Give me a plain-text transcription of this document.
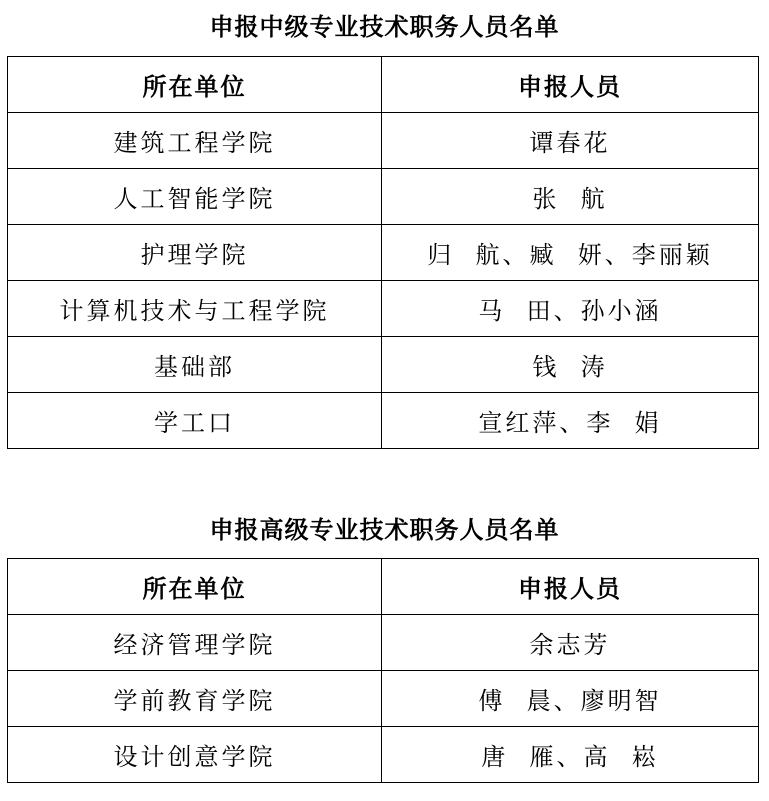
申报中级专业技术职务人员名单
所在单位	申报人员
建筑工程学院	谭春花
人工智能学院	张  航
护理学院	归  航、臧  妍、李丽颖
计算机技术与工程学院	马  田、孙小涵
基础部	钱  涛
学工口	宣红萍、李  娟
申报高级专业技术职务人员名单
所在单位	申报人员
经济管理学院	余志芳
学前教育学院	傅  晨、廖明智
设计创意学院	唐  雁、高  崧
